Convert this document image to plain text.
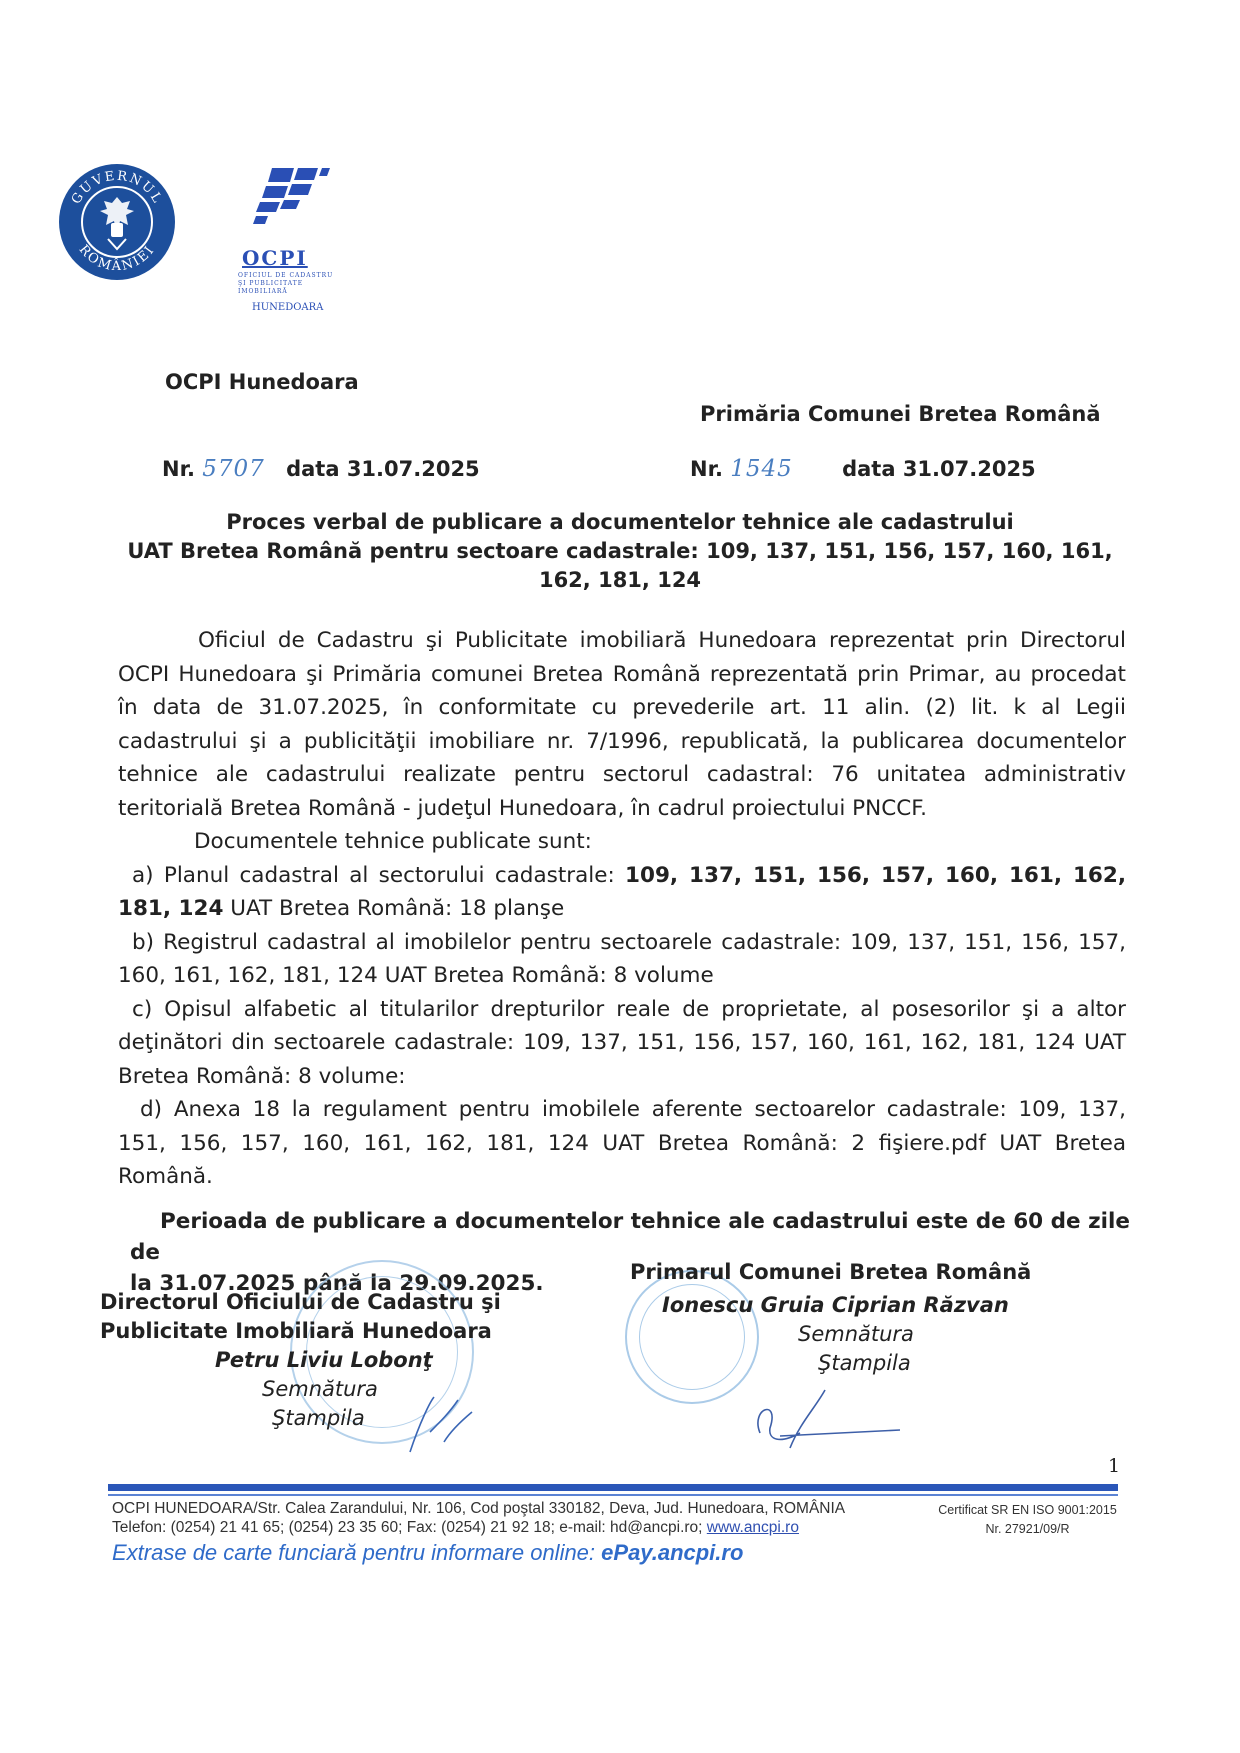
GUVERNUL
ROMÂNIEI	OCPI
OFICIUL DE CADASTRU
ŞI PUBLICITATE
IMOBILIARĂ
HUNEDOARA
OCPI Hunedoara
Primăria Comunei Bretea Română
Nr. 5707 data 31.07.2025	Nr. 1545 data 31.07.2025
Proces verbal de publicare a documentelor tehnice ale cadastrului
UAT Bretea Română pentru sectoare cadastrale: 109, 137, 151, 156, 157, 160, 161,
162, 181, 124

Oficiul de Cadastru şi Publicitate imobiliară Hunedoara reprezentat prin Directorul OCPI Hunedoara şi Primăria comunei Bretea Română reprezentată prin Primar, au procedat în data de 31.07.2025, în conformitate cu prevederile art. 11 alin. (2) lit. k al Legii cadastrului şi a publicităţii imobiliare nr. 7/1996, republicată, la publicarea documentelor tehnice ale cadastrului realizate pentru sectorul cadastral: 76 unitatea administrativ teritorială Bretea Română - judeţul Hunedoara, în cadrul proiectului PNCCF.

Documentele tehnice publicate sunt:

a) Planul cadastral al sectorului cadastrale: 109, 137, 151, 156, 157, 160, 161, 162, 181, 124 UAT Bretea Română: 18 planşe

b) Registrul cadastral al imobilelor pentru sectoarele cadastrale: 109, 137, 151, 156, 157, 160, 161, 162, 181, 124 UAT Bretea Română: 8 volume

c) Opisul alfabetic al titularilor drepturilor reale de proprietate, al posesorilor şi a altor deţinători din sectoarele cadastrale: 109, 137, 151, 156, 157, 160, 161, 162, 181, 124 UAT Bretea Română: 8 volume:

d) Anexa 18 la regulament pentru imobilele aferente sectoarelor cadastrale: 109, 137, 151, 156, 157, 160, 161, 162, 181, 124 UAT Bretea Română: 2 fişiere.pdf UAT Bretea Română.

Perioada de publicare a documentelor tehnice ale cadastrului este de 60 de zile de
la 31.07.2025 până la 29.09.2025.
Directorul Oficiului de Cadastru şi
Publicitate Imobiliară Hunedoara
Petru Liviu Lobonţ
Semnătura
Ştampila
Primarul Comunei Bretea Română
Ionescu Gruia Ciprian Răzvan
Semnătura
Ştampila
1
OCPI HUNEDOARA/Str. Calea Zarandului, Nr. 106, Cod poştal 330182, Deva, Jud. Hunedoara, ROMÂNIA
Telefon: (0254) 21 41 65; (0254) 23 35 60; Fax: (0254) 21 92 18; e-mail: hd@ancpi.ro; www.ancpi.ro
Certificat SR EN ISO 9001:2015
Nr. 27921/09/R
Extrase de carte funciară pentru informare online: ePay.ancpi.ro
